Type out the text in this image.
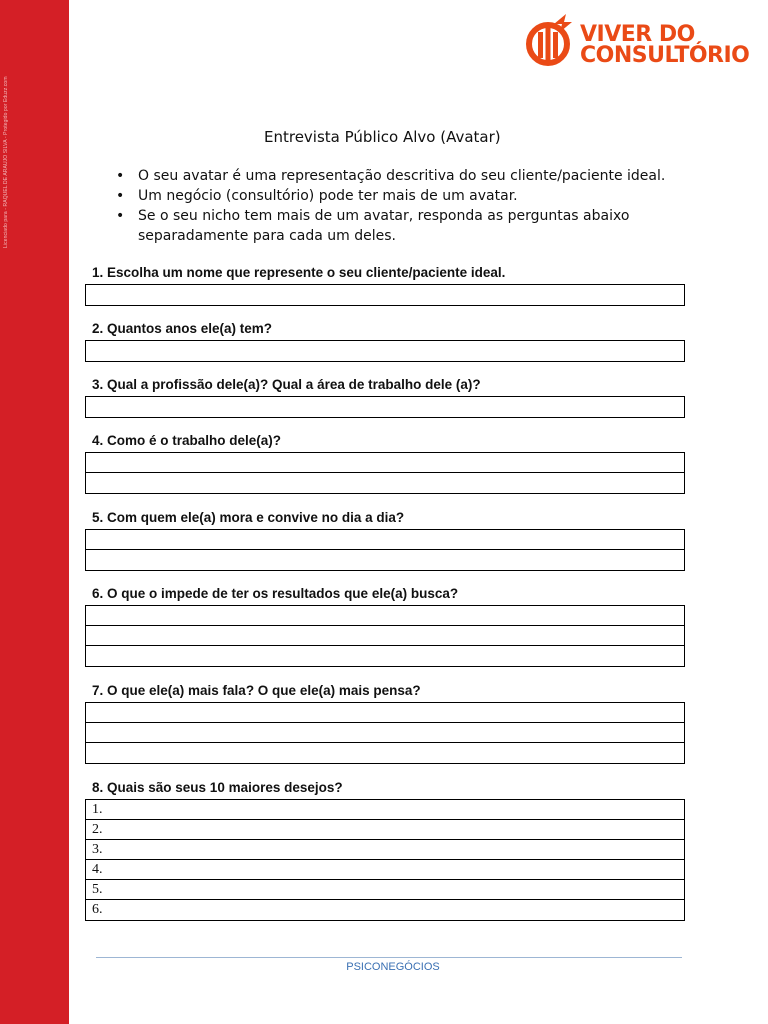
Licenciado para - RAQUEL DE ARAUJO SILVA - Protegido por Eduzz.com
VIVER DO
CONSULTÓRIO
Entrevista Público Alvo (Avatar)
• O seu avatar é uma representação descritiva do seu cliente/paciente ideal.
• Um negócio (consultório) pode ter mais de um avatar.
• Se o seu nicho tem mais de um avatar, responda as perguntas abaixo separadamente para cada um deles.
1. Escolha um nome que represente o seu cliente/paciente ideal.
2. Quantos anos ele(a) tem?
3. Qual a profissão dele(a)? Qual a área de trabalho dele (a)?
4. Como é o trabalho dele(a)?
5. Com quem ele(a) mora e convive no dia a dia?
6. O que o impede de ter os resultados que ele(a) busca?
7. O que ele(a) mais fala? O que ele(a) mais pensa?
8. Quais são seus 10 maiores desejos?
1.
2.
3.
4.
5.
6.
PSICONEGÓCIOS
